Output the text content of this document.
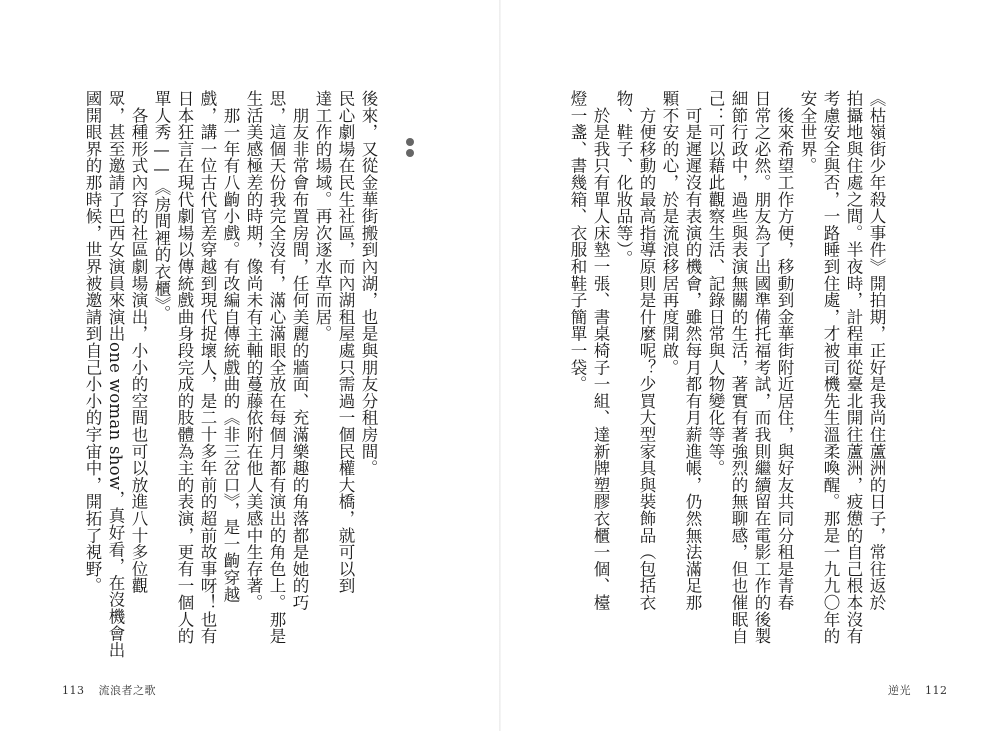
《枯嶺街少年殺人事件》開拍期，正好是我尚住蘆洲的日子，常往返於
拍攝地與住處之間。半夜時，計程車從臺北開往蘆洲，疲憊的自己根本沒有
考慮安全與否，一路睡到住處，才被司機先生溫柔喚醒。那是一九九〇年的
安全世界。
　後來希望工作方便，移動到金華街附近居住，與好友共同分租是青春
日常之必然。朋友為了出國準備托福考試，而我則繼續留在電影工作的後製
細節行政中，過些與表演無關的生活，著實有著強烈的無聊感，但也催眠自
己：可以藉此觀察生活、記錄日常與人物變化等等。
　可是遲遲沒有表演的機會，雖然每月都有月薪進帳，仍然無法滿足那
顆不安的心，於是流浪移居再度開啟。
　方便移動的最高指導原則是什麼呢？少買大型家具與裝飾品（包括衣
物、鞋子、化妝品等）。
　於是我只有單人床墊一張、書桌椅子一組、達新牌塑膠衣櫃一個、檯
燈一盞、書幾箱、衣服和鞋子簡單一袋。
後來，又從金華街搬到內湖，也是與朋友分租房間。
民心劇場在民生社區，而內湖租屋處只需過一個民權大橋，就可以到
達工作的場域。再次逐水草而居。
　朋友非常會布置房間，任何美麗的牆面、充滿樂趣的角落都是她的巧
思，這個天份我完全沒有，滿心滿眼全放在每個月都有演出的角色上。那是
生活美感極差的時期，像尚未有主軸的蔓藤依附在他人美感中生存著。
　那一年有八齣小戲。有改編自傳統戲曲的《非三岔口》，是一齣穿越
戲，講一位古代官差穿越到現代捉壞人，是二十多年前的超前故事呀！也有
日本狂言在現代劇場以傳統戲曲身段完成的肢體為主的表演，更有一個人的
單人秀——《房間裡的衣櫃》。
　各種形式內容的社區劇場演出，小小的空間也可以放進八十多位觀
眾，甚至邀請了巴西女演員來演出one woman show，真好看，在沒機會出
國開眼界的那時候，世界被邀請到自己小小的宇宙中，開拓了視野。
113 流浪者之歌	逆光 112
